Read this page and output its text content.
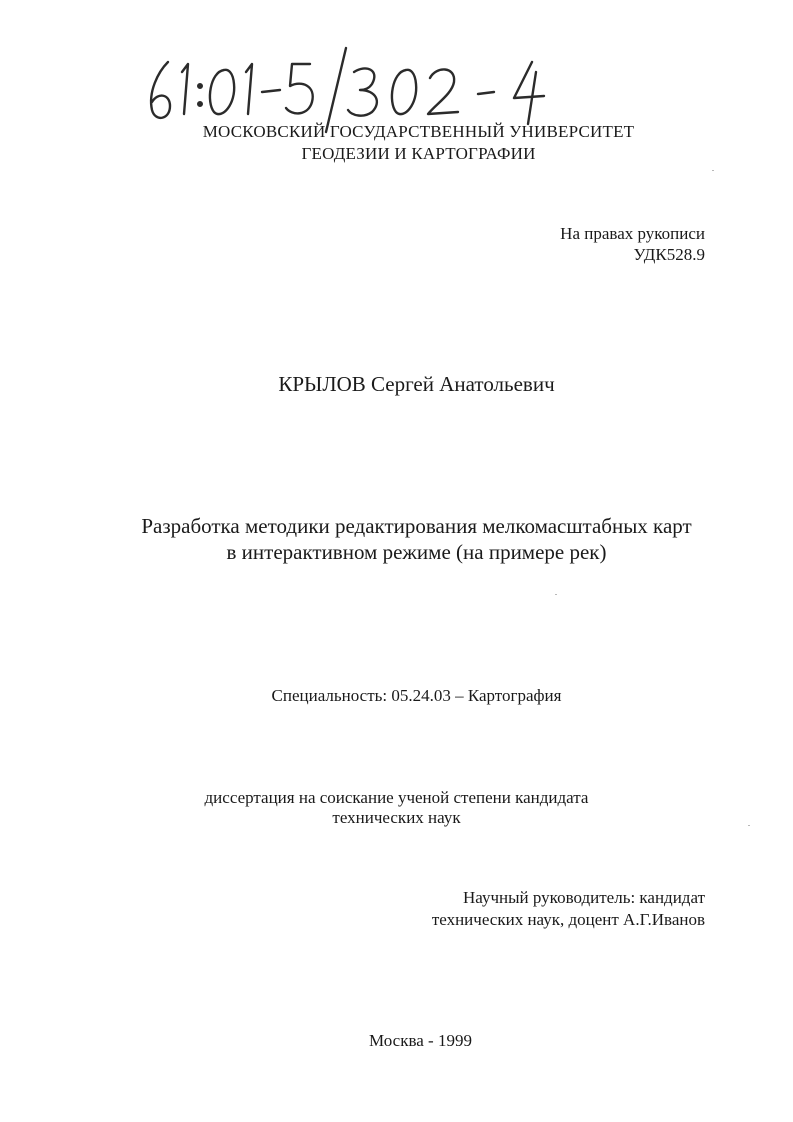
МОСКОВСКИЙ ГОСУДАРСТВЕННЫЙ УНИВЕРСИТЕТ
ГЕОДЕЗИИ И КАРТОГРАФИИ
На правах рукописи
УДК528.9
КРЫЛОВ Сергей Анатольевич
Разработка методики редактирования мелкомасштабных карт
в интерактивном режиме (на примере рек)
Специальность: 05.24.03 – Картография
диссертация на соискание ученой степени кандидата
технических наук
Научный руководитель: кандидат
технических наук, доцент А.Г.Иванов
Москва - 1999
